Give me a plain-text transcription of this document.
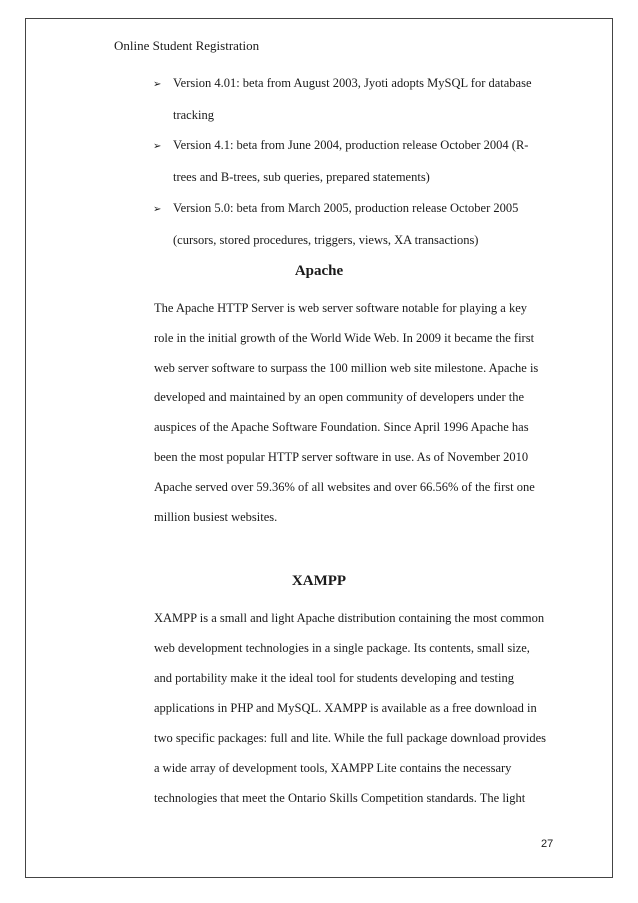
Online Student Registration
➢ Version 4.01: beta from August 2003, Jyoti adopts MySQL for database
tracking
➢ Version 4.1: beta from June 2004, production release October 2004 (R-
trees and B-trees, sub queries, prepared statements)
➢ Version 5.0: beta from March 2005, production release October 2005
(cursors, stored procedures, triggers, views, XA transactions)
Apache
The Apache HTTP Server is web server software notable for playing a key
role in the initial growth of the World Wide Web. In 2009 it became the first
web server software to surpass the 100 million web site milestone. Apache is
developed and maintained by an open community of developers under the
auspices of the Apache Software Foundation. Since April 1996 Apache has
been the most popular HTTP server software in use. As of November 2010
Apache served over 59.36% of all websites and over 66.56% of the first one
million busiest websites.
XAMPP
XAMPP is a small and light Apache distribution containing the most common
web development technologies in a single package. Its contents, small size,
and portability make it the ideal tool for students developing and testing
applications in PHP and MySQL. XAMPP is available as a free download in
two specific packages: full and lite. While the full package download provides
a wide array of development tools, XAMPP Lite contains the necessary
technologies that meet the Ontario Skills Competition standards. The light
27
